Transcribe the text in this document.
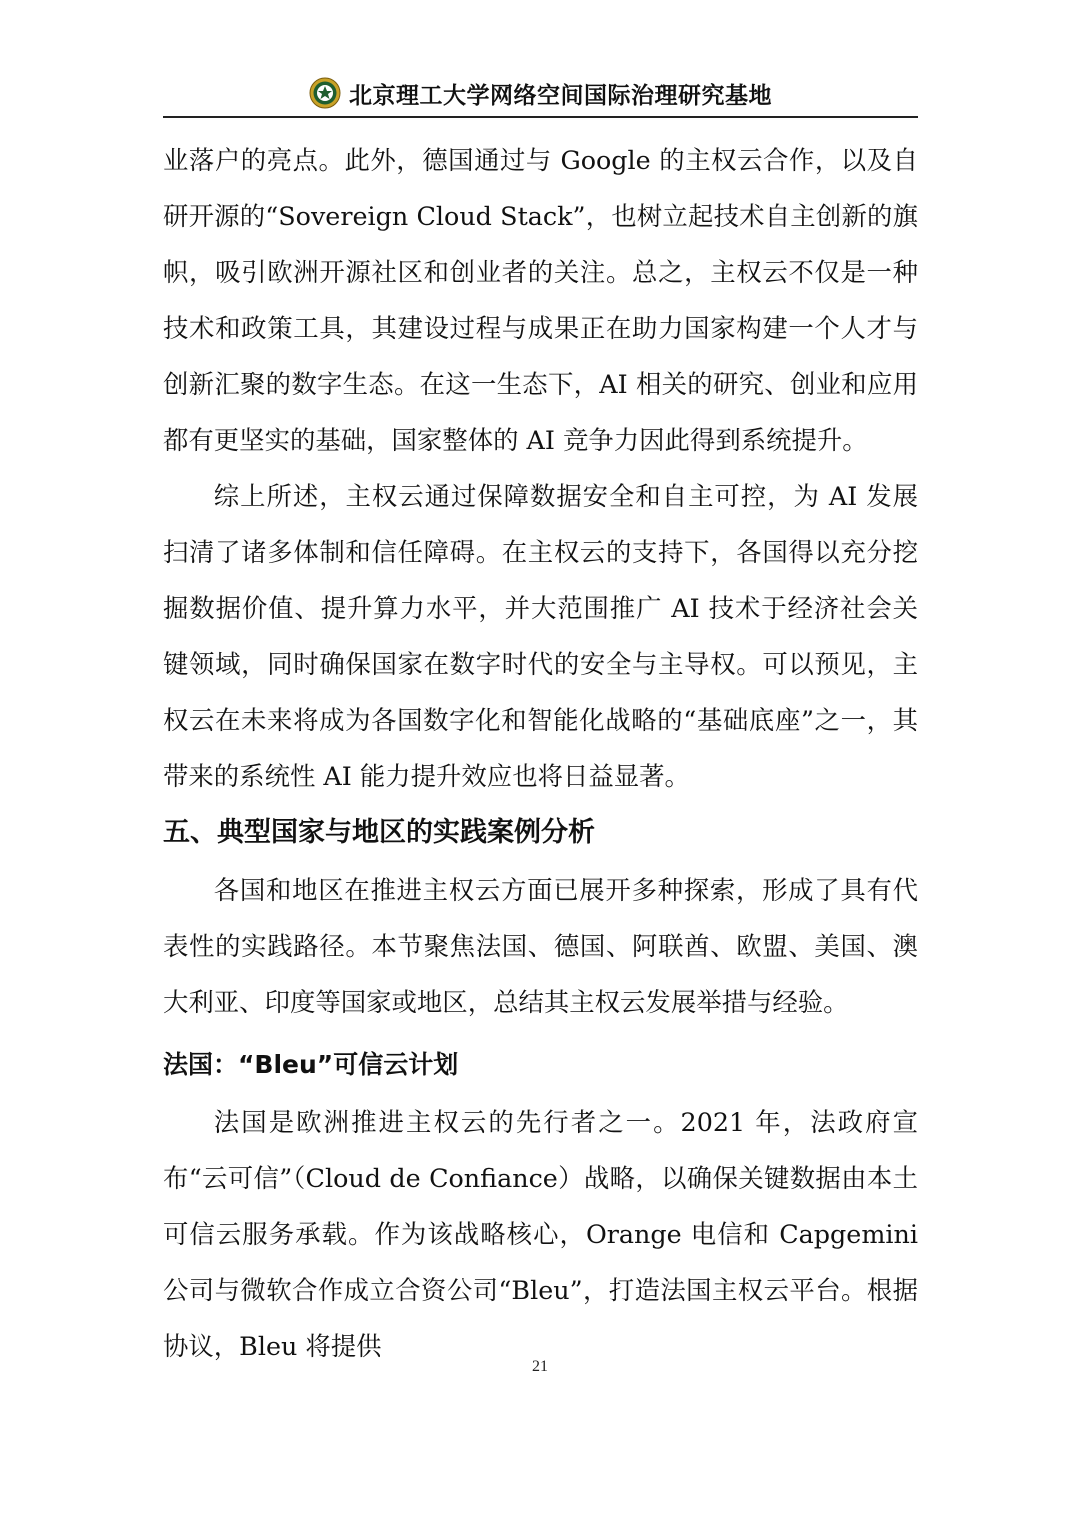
北京理工大学网络空间国际治理研究基地

业落户的亮点。此外，德国通过与 Google 的主权云合作，以及自研开源的“Sovereign Cloud Stack”，也树立起技术自主创新的旗帜，吸引欧洲开源社区和创业者的关注。总之，主权云不仅是一种技术和政策工具，其建设过程与成果正在助力国家构建一个人才与创新汇聚的数字生态。在这一生态下，AI 相关的研究、创业和应用都有更坚实的基础，国家整体的 AI 竞争力因此得到系统提升。

综上所述，主权云通过保障数据安全和自主可控，为 AI 发展扫清了诸多体制和信任障碍。在主权云的支持下，各国得以充分挖掘数据价值、提升算力水平，并大范围推广 AI 技术于经济社会关键领域，同时确保国家在数字时代的安全与主导权。可以预见，主权云在未来将成为各国数字化和智能化战略的“基础底座”之一，其带来的系统性 AI 能力提升效应也将日益显著。

五、典型国家与地区的实践案例分析

各国和地区在推进主权云方面已展开多种探索，形成了具有代表性的实践路径。本节聚焦法国、德国、阿联酋、欧盟、美国、澳大利亚、印度等国家或地区，总结其主权云发展举措与经验。

法国：“Bleu”可信云计划

法国是欧洲推进主权云的先行者之一。2021 年，法政府宣布“云可信”（Cloud de Confiance）战略，以确保关键数据由本土可信云服务承载。作为该战略核心，Orange 电信和 Capgemini 公司与微软合作成立合资公司“Bleu”，打造法国主权云平台。根据协议，Bleu 将提供

21
